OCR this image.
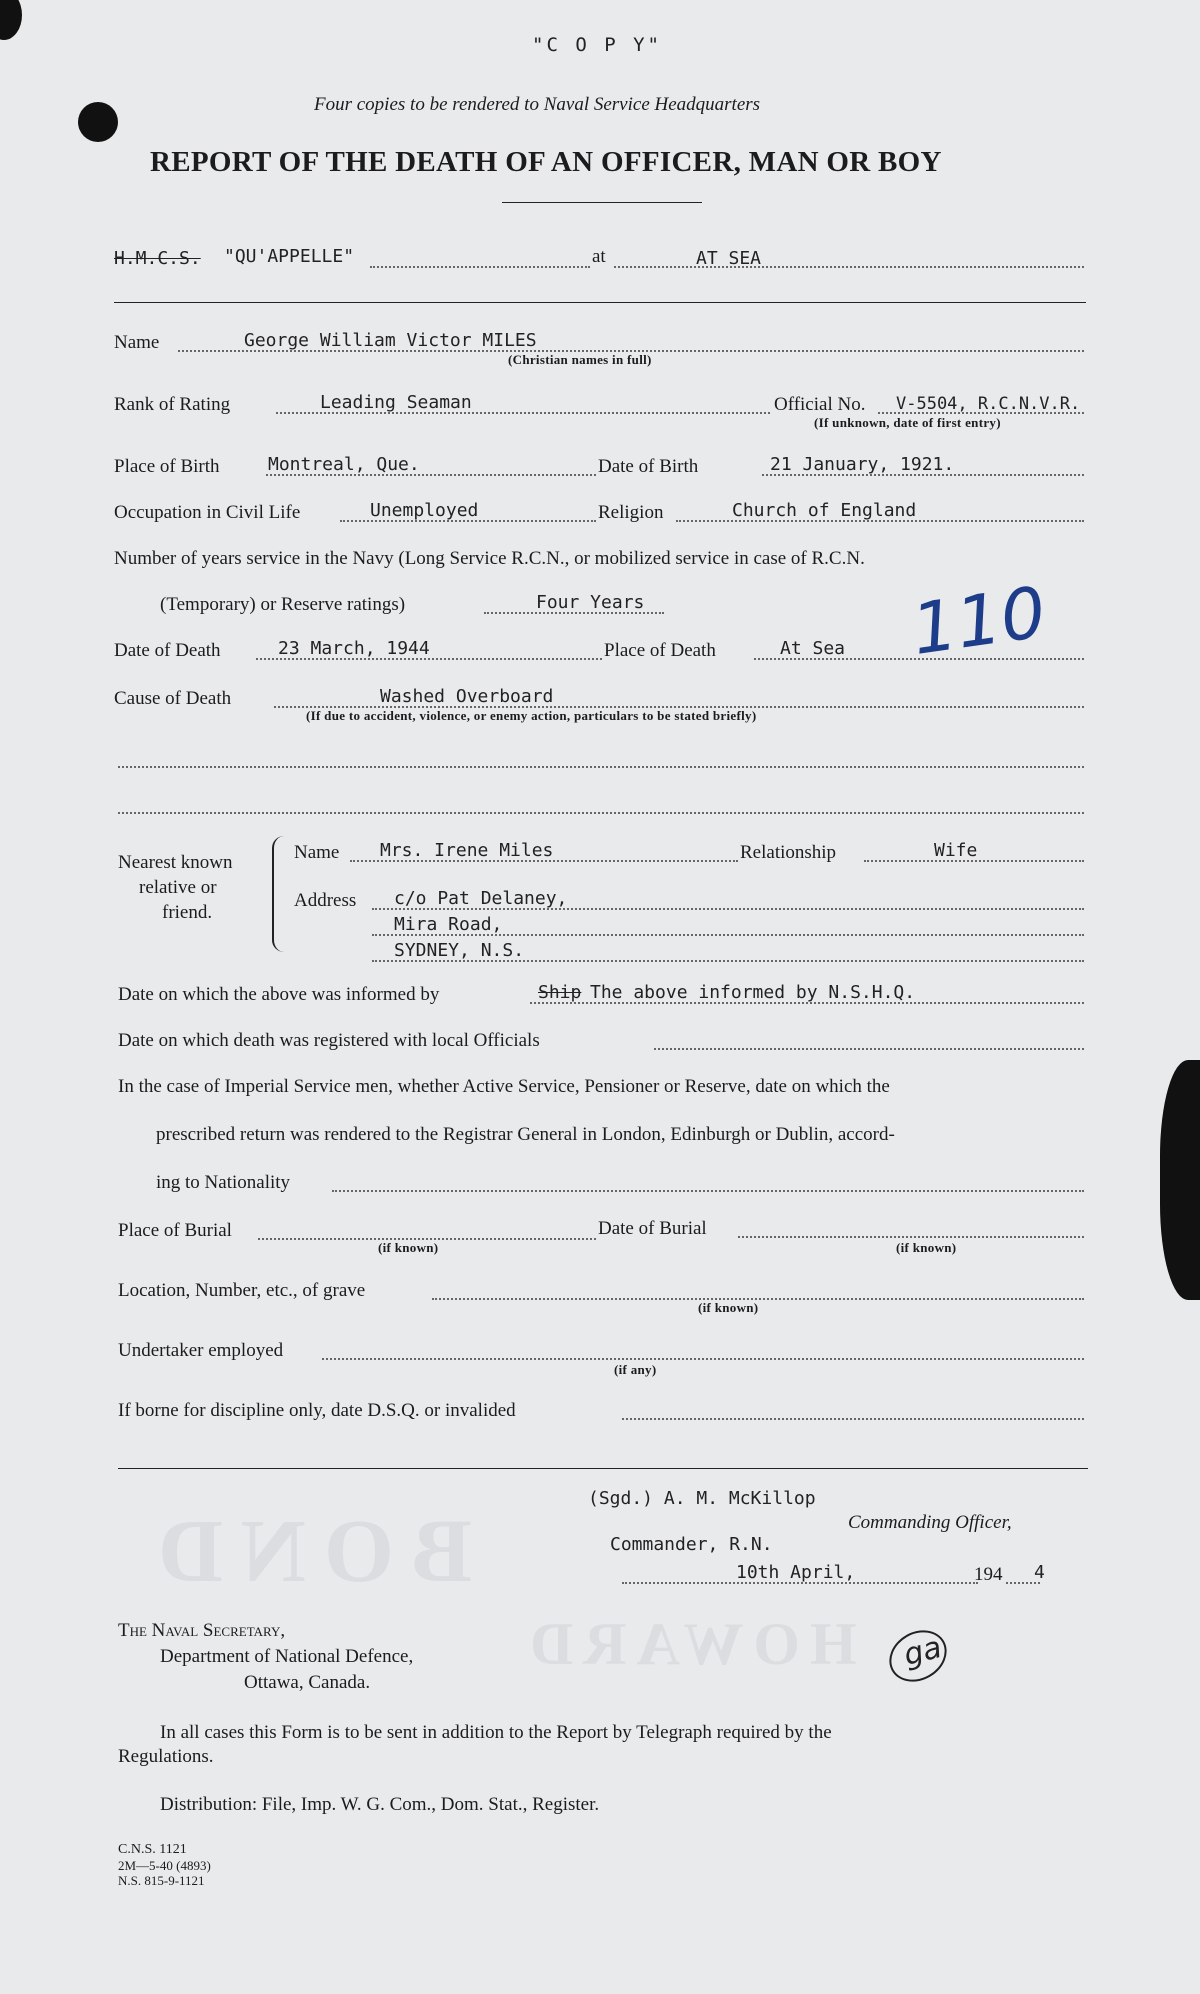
BOND
HOWARD
"C O P Y"
Four copies to be rendered to Naval Service Headquarters
REPORT OF THE DEATH OF AN OFFICER, MAN OR BOY
H.M.C.S. "QU'APPELLE"	at	AT SEA
Name	George William Victor MILES
(Christian names in full)
Rank of Rating	Leading Seaman	Official No. V-5504, R.C.N.V.R.
(If unknown, date of first entry)
Place of Birth	Montreal, Que.	Date of Birth	21 January, 1921.
Occupation in Civil Life	Unemployed	Religion	Church of England
Number of years service in the Navy (Long Service R.C.N., or mobilized service in case of R.C.N.
(Temporary) or Reserve ratings)	Four Years	110
Date of Death	23 March, 1944	Place of Death	At Sea
Cause of Death	Washed Overboard
(If due to accident, violence, or enemy action, particulars to be stated briefly)
Nearest known
relative or
friend.
Name Mrs. Irene Miles	Relationship	Wife
Address c/o Pat Delaney,
Mira Road,
SYDNEY, N.S.
Date on which the above was informed by	Ship The above informed by N.S.H.Q.
Date on which death was registered with local Officials
In the case of Imperial Service men, whether Active Service, Pensioner or Reserve, date on which the
prescribed return was rendered to the Registrar General in London, Edinburgh or Dublin, accord-
ing to Nationality
Place of Burial
(if known)
Date of Burial
(if known)
Location, Number, etc., of grave
(if known)
Undertaker employed
(if any)
If borne for discipline only, date D.S.Q. or invalided
(Sgd.) A. M. McKillop
Commanding Officer,
Commander, R.N.
10th April,	194 4
The Naval Secretary,
Department of National Defence,
Ottawa, Canada.
ga
In all cases this Form is to be sent in addition to the Report by Telegraph required by the
Regulations.
Distribution: File, Imp. W. G. Com., Dom. Stat., Register.
C.N.S. 1121
2M—5-40 (4893)
N.S. 815-9-1121
